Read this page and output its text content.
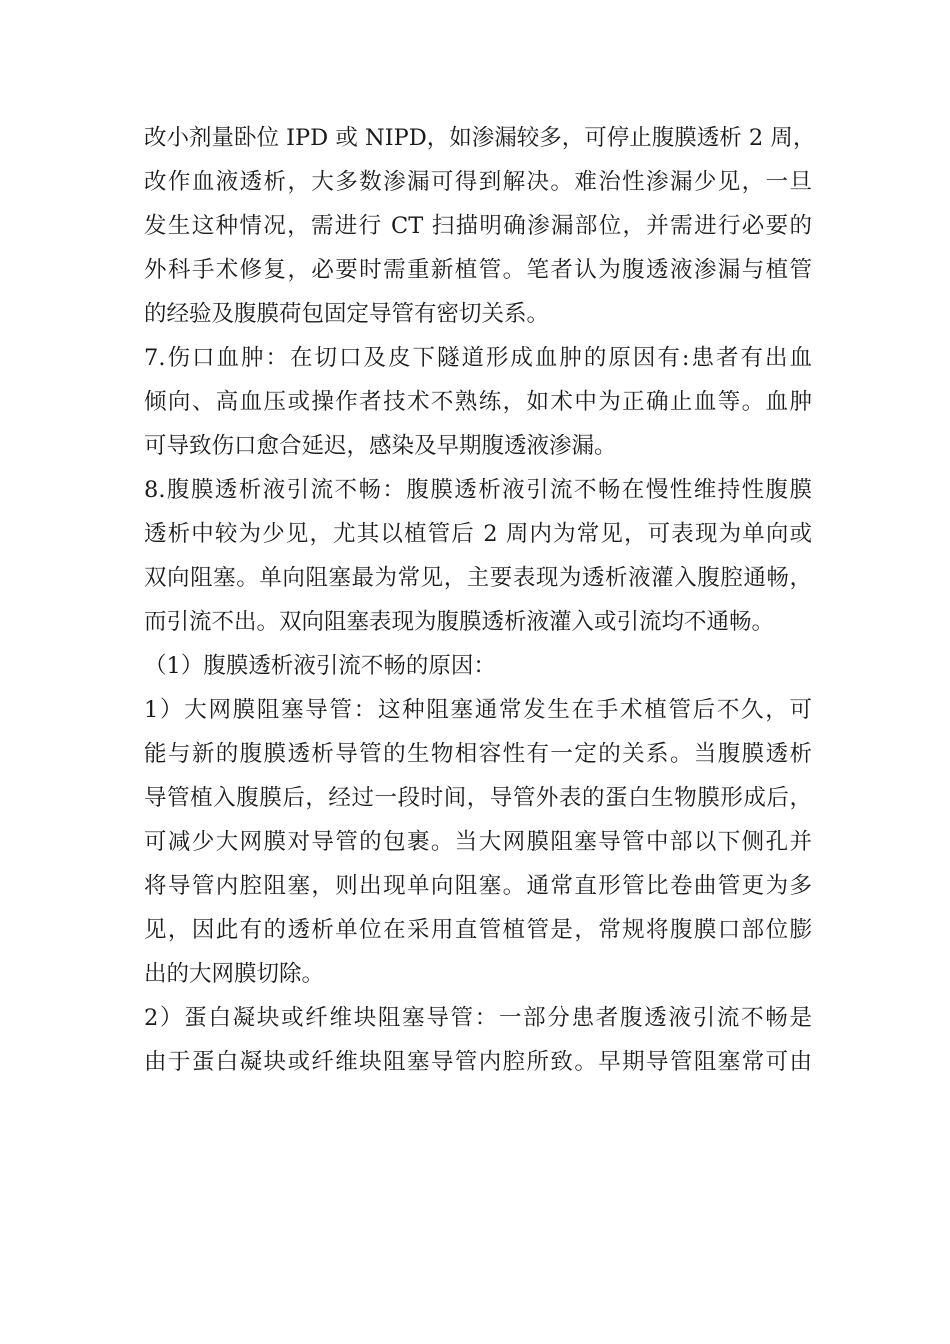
改小剂量卧位 IPD 或 NIPD，如渗漏较多，可停止腹膜透析 2 周，
改作血液透析，大多数渗漏可得到解决。难治性渗漏少见，一旦
发生这种情况，需进行 CT 扫描明确渗漏部位，并需进行必要的
外科手术修复，必要时需重新植管。笔者认为腹透液渗漏与植管
的经验及腹膜荷包固定导管有密切关系。
7.伤口血肿：在切口及皮下隧道形成血肿的原因有:患者有出血
倾向、高血压或操作者技术不熟练，如术中为正确止血等。血肿
可导致伤口愈合延迟，感染及早期腹透液渗漏。
8.腹膜透析液引流不畅：腹膜透析液引流不畅在慢性维持性腹膜
透析中较为少见，尤其以植管后 2 周内为常见，可表现为单向或
双向阻塞。单向阻塞最为常见，主要表现为透析液灌入腹腔通畅，
而引流不出。双向阻塞表现为腹膜透析液灌入或引流均不通畅。
（1）腹膜透析液引流不畅的原因：
1）大网膜阻塞导管：这种阻塞通常发生在手术植管后不久，可
能与新的腹膜透析导管的生物相容性有一定的关系。当腹膜透析
导管植入腹膜后，经过一段时间，导管外表的蛋白生物膜形成后，
可减少大网膜对导管的包裹。当大网膜阻塞导管中部以下侧孔并
将导管内腔阻塞，则出现单向阻塞。通常直形管比卷曲管更为多
见，因此有的透析单位在采用直管植管是，常规将腹膜口部位膨
出的大网膜切除。
2）蛋白凝块或纤维块阻塞导管：一部分患者腹透液引流不畅是
由于蛋白凝块或纤维块阻塞导管内腔所致。早期导管阻塞常可由
